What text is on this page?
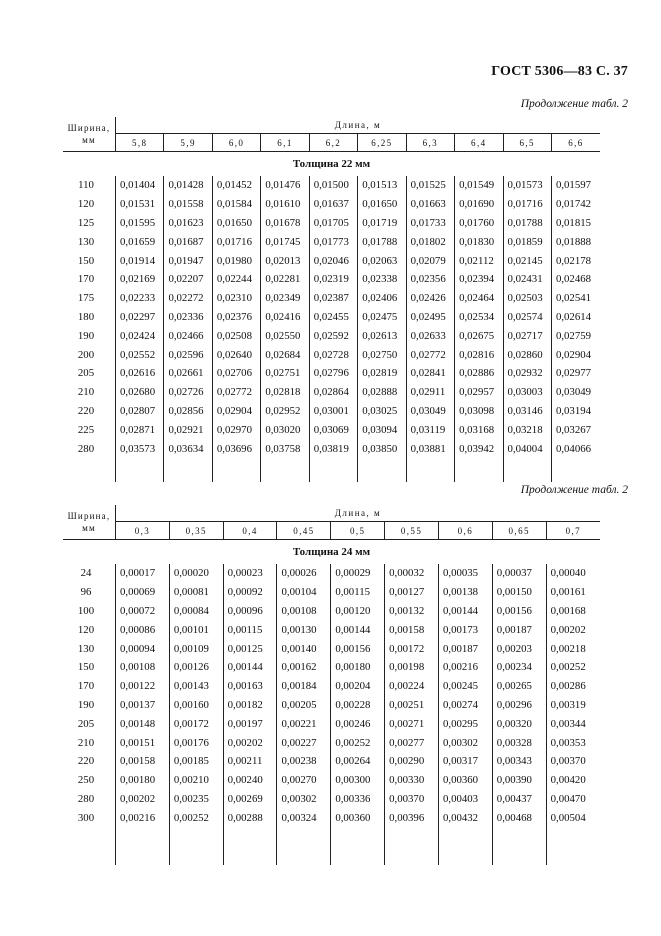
ГОСТ 5306—83 С. 37
Продолжение табл. 2
Ширина,
мм	Длина, м									
	5,8	5,9	6,0	6,1	6,2	6,25	6,3	6,4	6,5	6,6
Толщина 22 мм										
110	0,01404	0,01428	0,01452	0,01476	0,01500	0,01513	0,01525	0,01549	0,01573	0,01597
120	0,01531	0,01558	0,01584	0,01610	0,01637	0,01650	0,01663	0,01690	0,01716	0,01742
125	0,01595	0,01623	0,01650	0,01678	0,01705	0,01719	0,01733	0,01760	0,01788	0,01815
130	0,01659	0,01687	0,01716	0,01745	0,01773	0,01788	0,01802	0,01830	0,01859	0,01888
150	0,01914	0,01947	0,01980	0,02013	0,02046	0,02063	0,02079	0,02112	0,02145	0,02178
170	0,02169	0,02207	0,02244	0,02281	0,02319	0,02338	0,02356	0,02394	0,02431	0,02468
175	0,02233	0,02272	0,02310	0,02349	0,02387	0,02406	0,02426	0,02464	0,02503	0,02541
180	0,02297	0,02336	0,02376	0,02416	0,02455	0,02475	0,02495	0,02534	0,02574	0,02614
190	0,02424	0,02466	0,02508	0,02550	0,02592	0,02613	0,02633	0,02675	0,02717	0,02759
200	0,02552	0,02596	0,02640	0,02684	0,02728	0,02750	0,02772	0,02816	0,02860	0,02904
205	0,02616	0,02661	0,02706	0,02751	0,02796	0,02819	0,02841	0,02886	0,02932	0,02977
210	0,02680	0,02726	0,02772	0,02818	0,02864	0,02888	0,02911	0,02957	0,03003	0,03049
220	0,02807	0,02856	0,02904	0,02952	0,03001	0,03025	0,03049	0,03098	0,03146	0,03194
225	0,02871	0,02921	0,02970	0,03020	0,03069	0,03094	0,03119	0,03168	0,03218	0,03267
280	0,03573	0,03634	0,03696	0,03758	0,03819	0,03850	0,03881	0,03942	0,04004	0,04066

Продолжение табл. 2
Ширина,
мм	Длина, м								
	0,3	0,35	0,4	0,45	0,5	0,55	0,6	0,65	0,7
Толщина 24 мм									
24	0,00017	0,00020	0,00023	0,00026	0,00029	0,00032	0,00035	0,00037	0,00040
96	0,00069	0,00081	0,00092	0,00104	0,00115	0,00127	0,00138	0,00150	0,00161
100	0,00072	0,00084	0,00096	0,00108	0,00120	0,00132	0,00144	0,00156	0,00168
120	0,00086	0,00101	0,00115	0,00130	0,00144	0,00158	0,00173	0,00187	0,00202
130	0,00094	0,00109	0,00125	0,00140	0,00156	0,00172	0,00187	0,00203	0,00218
150	0,00108	0,00126	0,00144	0,00162	0,00180	0,00198	0,00216	0,00234	0,00252
170	0,00122	0,00143	0,00163	0,00184	0,00204	0,00224	0,00245	0,00265	0,00286
190	0,00137	0,00160	0,00182	0,00205	0,00228	0,00251	0,00274	0,00296	0,00319
205	0,00148	0,00172	0,00197	0,00221	0,00246	0,00271	0,00295	0,00320	0,00344
210	0,00151	0,00176	0,00202	0,00227	0,00252	0,00277	0,00302	0,00328	0,00353
220	0,00158	0,00185	0,00211	0,00238	0,00264	0,00290	0,00317	0,00343	0,00370
250	0,00180	0,00210	0,00240	0,00270	0,00300	0,00330	0,00360	0,00390	0,00420
280	0,00202	0,00235	0,00269	0,00302	0,00336	0,00370	0,00403	0,00437	0,00470
300	0,00216	0,00252	0,00288	0,00324	0,00360	0,00396	0,00432	0,00468	0,00504
